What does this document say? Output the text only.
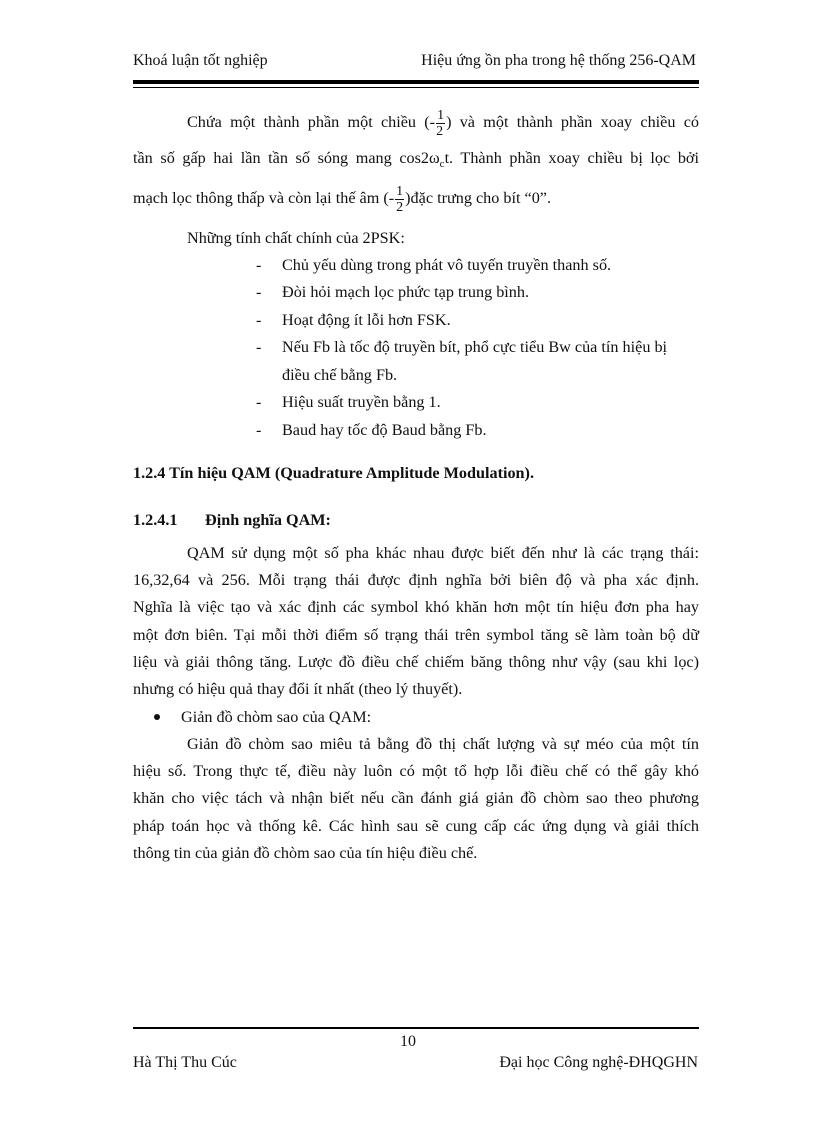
Khoá luận tốt nghiệp	Hiệu ứng ồn pha trong hệ thống 256-QAM
Chứa một thành phần một chiều (- $\frac{1}{2}$ ) và một thành phần xoay chiều có
tần số gấp hai lần tần số sóng mang $\cos 2\omega_ct$. Thành phần xoay chiều bị lọc bởi
mạch lọc thông thấp và còn lại thế âm (- $\frac{1}{2}$ )đặc trưng cho bít “0”.
Những tính chất chính của 2PSK:
- Chủ yếu dùng trong phát vô tuyến truyền thanh số.
- Đòi hỏi mạch lọc phức tạp trung bình.
- Hoạt động ít lỗi hơn FSK.
- Nếu Fb là tốc độ truyền bít, phổ cực tiểu Bw của tín hiệu bị
điều chế bằng Fb.
- Hiệu suất truyền bằng 1.
- Baud hay tốc độ Baud bằng Fb.
1.2.4 Tín hiệu QAM (Quadrature Amplitude Modulation).
1.2.4.1 Định nghĩa QAM:
QAM sử dụng một số pha khác nhau được biết đến như là các trạng thái:
16,32,64 và 256. Mỗi trạng thái được định nghĩa bởi biên độ và pha xác định.
Nghĩa là việc tạo và xác định các symbol khó khăn hơn một tín hiệu đơn pha hay
một đơn biên. Tại mỗi thời điểm số trạng thái trên symbol tăng sẽ làm toàn bộ dữ
liệu và giải thông tăng. Lược đồ điều chế chiếm băng thông như vậy (sau khi lọc)
nhưng có hiệu quả thay đổi ít nhất (theo lý thuyết).
Giản đồ chòm sao của QAM:
Giản đồ chòm sao miêu tả bằng đồ thị chất lượng và sự méo của một tín
hiệu số. Trong thực tế, điều này luôn có một tổ hợp lỗi điều chế có thể gây khó
khăn cho việc tách và nhận biết nếu cần đánh giá giản đồ chòm sao theo phương
pháp toán học và thống kê. Các hình sau sẽ cung cấp các ứng dụng và giải thích
thông tin của giản đồ chòm sao của tín hiệu điều chế.
10
Hà Thị Thu Cúc	Đại học Công nghệ-ĐHQGHN
